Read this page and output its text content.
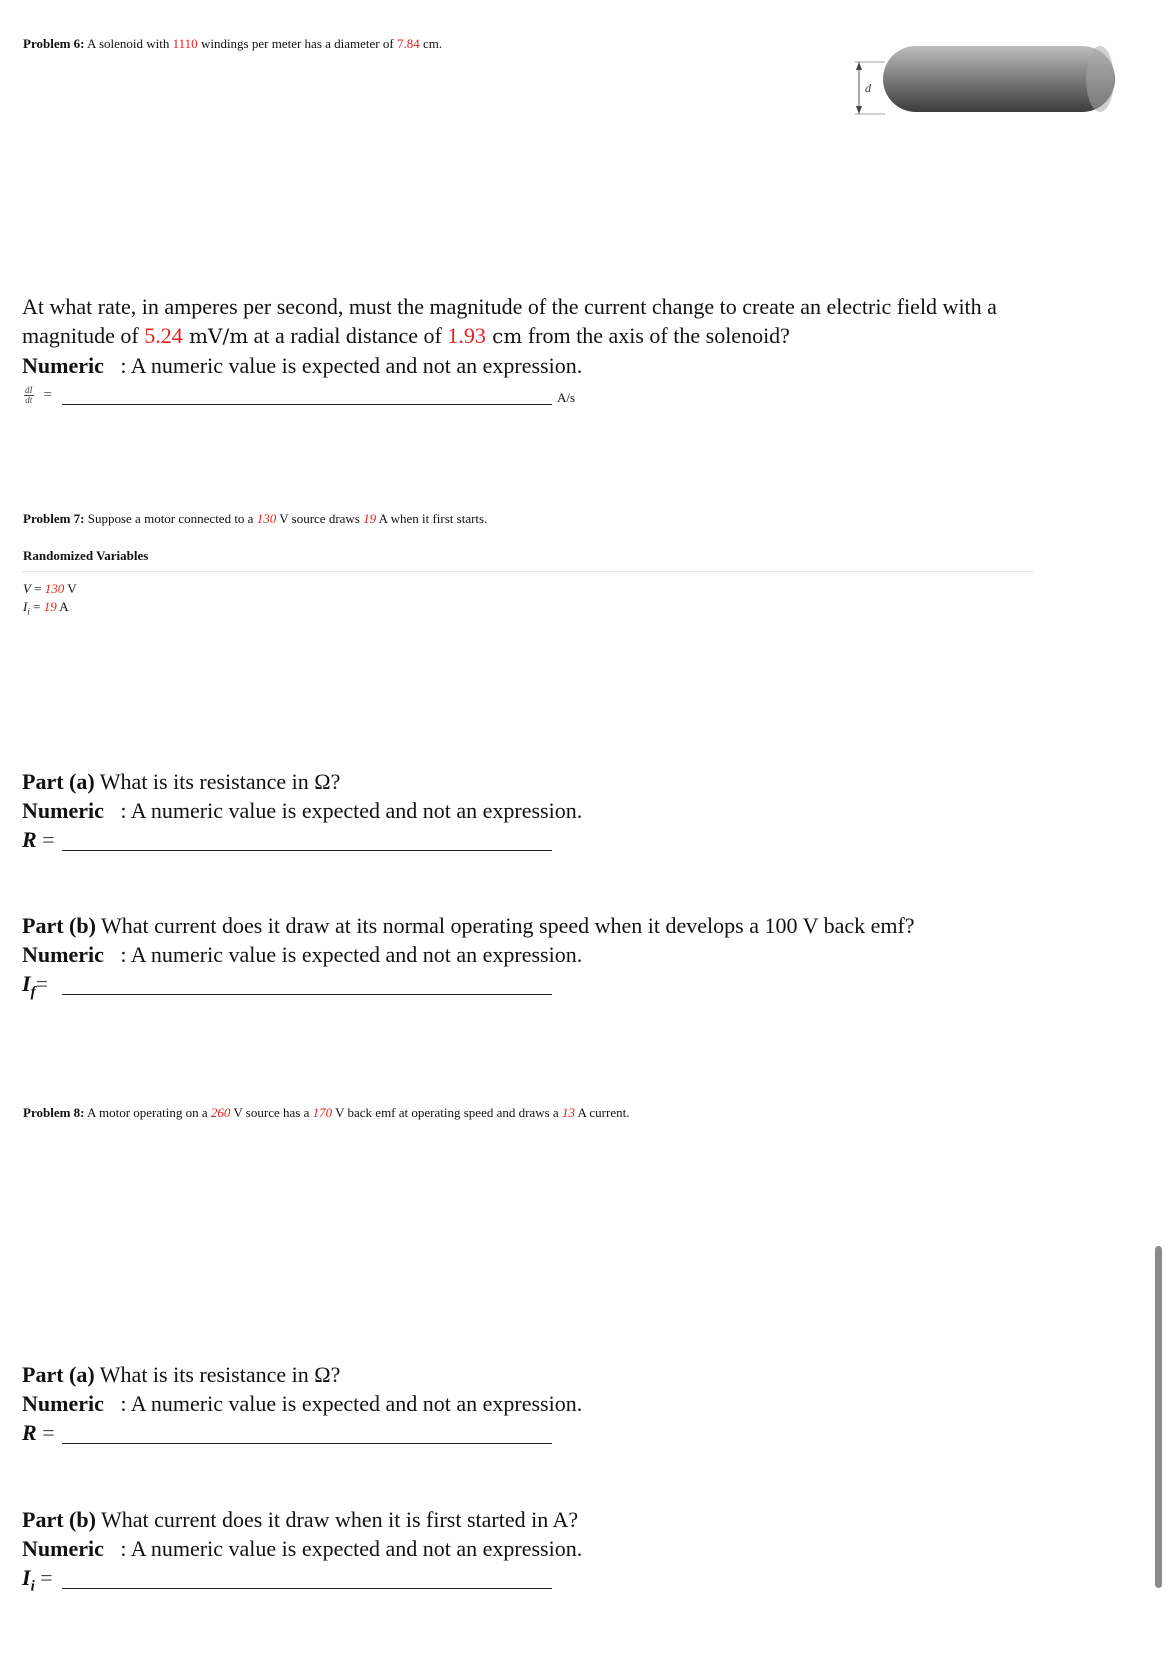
Problem 6: A solenoid with 1110 windings per meter has a diameter of 7.84 cm.
d
At what rate, in amperes per second, must the magnitude of the current change to create an electric field with a
magnitude of 5.24 mV/m at a radial distance of 1.93 cm from the axis of the solenoid?
Numeric : A numeric value is expected and not an expression.
$\frac{dI}{dt}$ =	A/s
Problem 7: Suppose a motor connected to a 130 V source draws 19 A when it first starts.
Randomized Variables
V = 130 V
$I_i = 19$ A
Part (a) What is its resistance in Ω?
Numeric : A numeric value is expected and not an expression.
R =
Part (b) What current does it draw at its normal operating speed when it develops a 100 V back emf?
Numeric : A numeric value is expected and not an expression.
$I_f=$
Problem 8: A motor operating on a 260 V source has a 170 V back emf at operating speed and draws a 13 A current.
Part (a) What is its resistance in Ω?
Numeric : A numeric value is expected and not an expression.
R =
Part (b) What current does it draw when it is first started in A?
Numeric : A numeric value is expected and not an expression.
$I_i$ =
